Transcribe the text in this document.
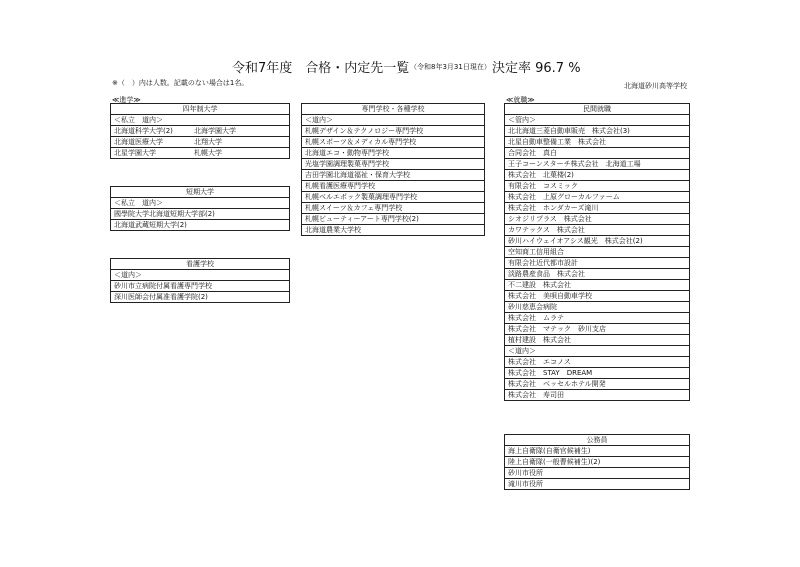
令和7年度　合格・内定先一覧 （令和8年3月31日現在） 決定率 96.7 %
※（　）内は人数。記載のない場合は1名。	北海道砂川高等学校
≪進学≫	≪就職≫
四年制大学	
＜私立　道内＞	
北海道科学大学(2)	北海学園大学
北海道医療大学	北翔大学
北星学園大学	札幌大学
短期大学
＜私立　道内＞
國學院大学北海道短期大学部(2)
北海道武蔵短期大学(2)
看護学校
＜道内＞
砂川市立病院付属看護専門学校
深川医師会付属准看護学院(2)
専門学校・各種学校
＜道内＞
札幌デザイン＆テクノロジー専門学校
札幌スポーツ＆メディカル専門学校
北海道エコ・動物専門学校
光塩学園調理製菓専門学校
吉田学園北海道福祉・保育大学校
札幌看護医療専門学校
札幌ベルエポック製菓調理専門学校
札幌スイーツ＆カフェ専門学校
札幌ビューティーアート専門学校(2)
北海道農業大学校
民間就職
＜管内＞
北北海道三菱自動車販売　株式会社(3)
北星自動車整備工業　株式会社
合同会社　真白
王子コーンスターチ株式会社　北海道工場
株式会社　北菓楼(2)
有限会社　コスミック
株式会社　上原グローカルファーム
株式会社　ホンダカーズ滝川
シオジリプラス　株式会社
カワテックス　株式会社
砂川ハイウェイオアシス観光　株式会社(2)
空知商工信用組合
有限会社近代都市設計
淡路農産食品　株式会社
不二建設　株式会社
株式会社　美唄自動車学校
砂川慈恵会病院
株式会社　ムラテ
株式会社　マテック　砂川支店
植村建設　株式会社
＜道内＞
株式会社　エコノス
株式会社　STAY　DREAM
株式会社　ベッセルホテル開発
株式会社　寿司田
公務員
海上自衛隊(自衛官候補生)
陸上自衛隊(一般曹候補生)(2)
砂川市役所
滝川市役所
